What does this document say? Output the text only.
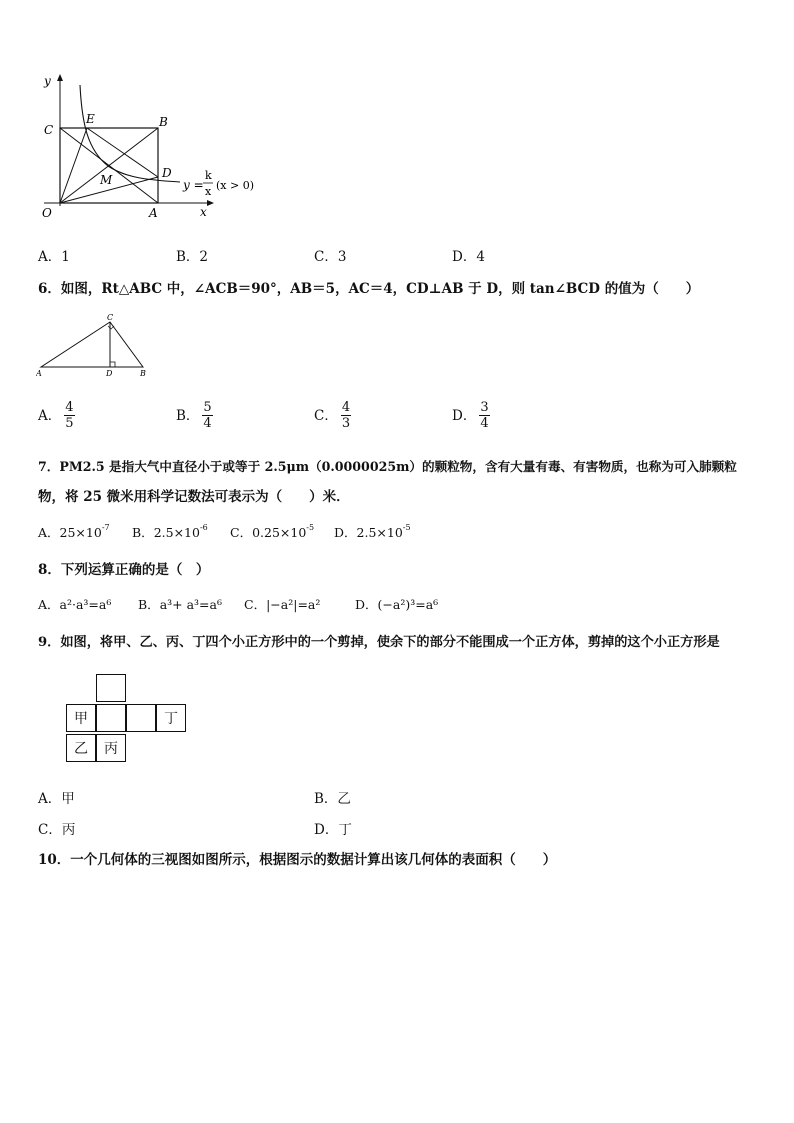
y
x
O	A
B
C
D
E
M	y =
k
x (x > 0)
A．1	B．2	C．3	D．4
6．如图，Rt△ABC 中，∠ACB＝90°，AB＝5，AC＝4，CD⊥AB 于 D，则 tan∠BCD 的值为（　　）
A	B
C
D
A． $\frac{4}{5}$	B． $\frac{5}{4}$	C． $\frac{4}{3}$	D． $\frac{3}{4}$
7．PM2.5 是指大气中直径小于或等于 2.5μm（0.0000025m）的颗粒物，含有大量有毒、有害物质，也称为可入肺颗粒
物，将 25 微米用科学记数法可表示为（　　）米．
A．$25\times 10^{-7}$ B．$2.5\times 10^{-6}$ C．$0.25\times 10^{-5}$ D．$2.5\times 10^{-5}$
8．下列运算正确的是（　）
A．a²·a³=a⁶ B．a³+ a³=a⁶ C．|−a²|=a²	D．(−a²)³=a⁶
9．如图，将甲、乙、丙、丁四个小正方形中的一个剪掉，使余下的部分不能围成一个正方体，剪掉的这个小正方形是
甲	丁
乙	丙
A．甲	B．乙
C．丙	D．丁
10．一个几何体的三视图如图所示，根据图示的数据计算出该几何体的表面积（　　）
